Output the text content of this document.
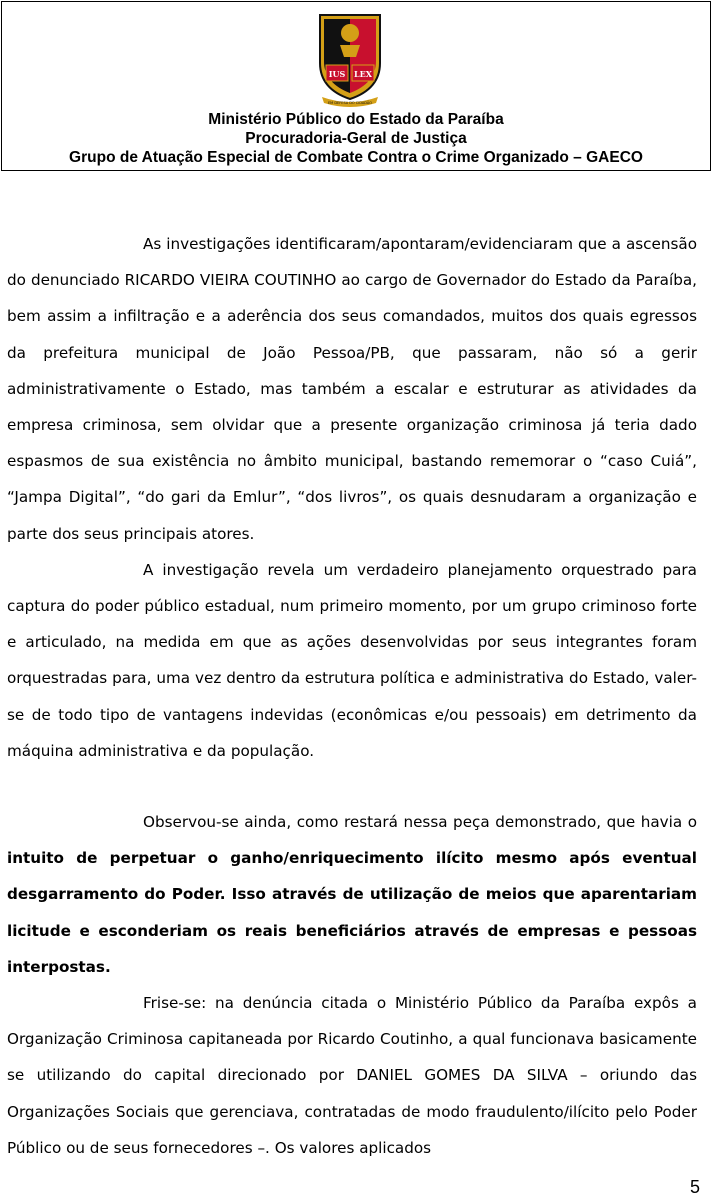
IUS LEX
EM DEFESA DO CIDADÃO
Ministério Público do Estado da Paraíba
Procuradoria-Geral de Justiça
Grupo de Atuação Especial de Combate Contra o Crime Organizado – GAECO

As investigações identificaram/apontaram/evidenciaram que a ascensão do denunciado RICARDO VIEIRA COUTINHO ao cargo de Governador do Estado da Paraíba, bem assim a infiltração e a aderência dos seus comandados, muitos dos quais egressos da prefeitura municipal de João Pessoa/PB, que passaram, não só a gerir administrativamente o Estado, mas também a escalar e estruturar as atividades da empresa criminosa, sem olvidar que a presente organização criminosa já teria dado espasmos de sua existência no âmbito municipal, bastando rememorar o “caso Cuiá”, “Jampa Digital”, “do gari da Emlur”, “dos livros”, os quais desnudaram a organização e parte dos seus principais atores.

A investigação revela um verdadeiro planejamento orquestrado para captura do poder público estadual, num primeiro momento, por um grupo criminoso forte e articulado, na medida em que as ações desenvolvidas por seus integrantes foram orquestradas para, uma vez dentro da estrutura política e administrativa do Estado, valer-se de todo tipo de vantagens indevidas (econômicas e/ou pessoais) em detrimento da máquina administrativa e da população.

Observou-se ainda, como restará nessa peça demonstrado, que havia o intuito de perpetuar o ganho/enriquecimento ilícito mesmo após eventual desgarramento do Poder. Isso através de utilização de meios que aparentariam licitude e esconderiam os reais beneficiários através de empresas e pessoas interpostas.

Frise-se: na denúncia citada o Ministério Público da Paraíba expôs a Organização Criminosa capitaneada por Ricardo Coutinho, a qual funcionava basicamente se utilizando do capital direcionado por DANIEL GOMES DA SILVA – oriundo das Organizações Sociais que gerenciava, contratadas de modo fraudulento/ilícito pelo Poder Público ou de seus fornecedores –. Os valores aplicados

5
